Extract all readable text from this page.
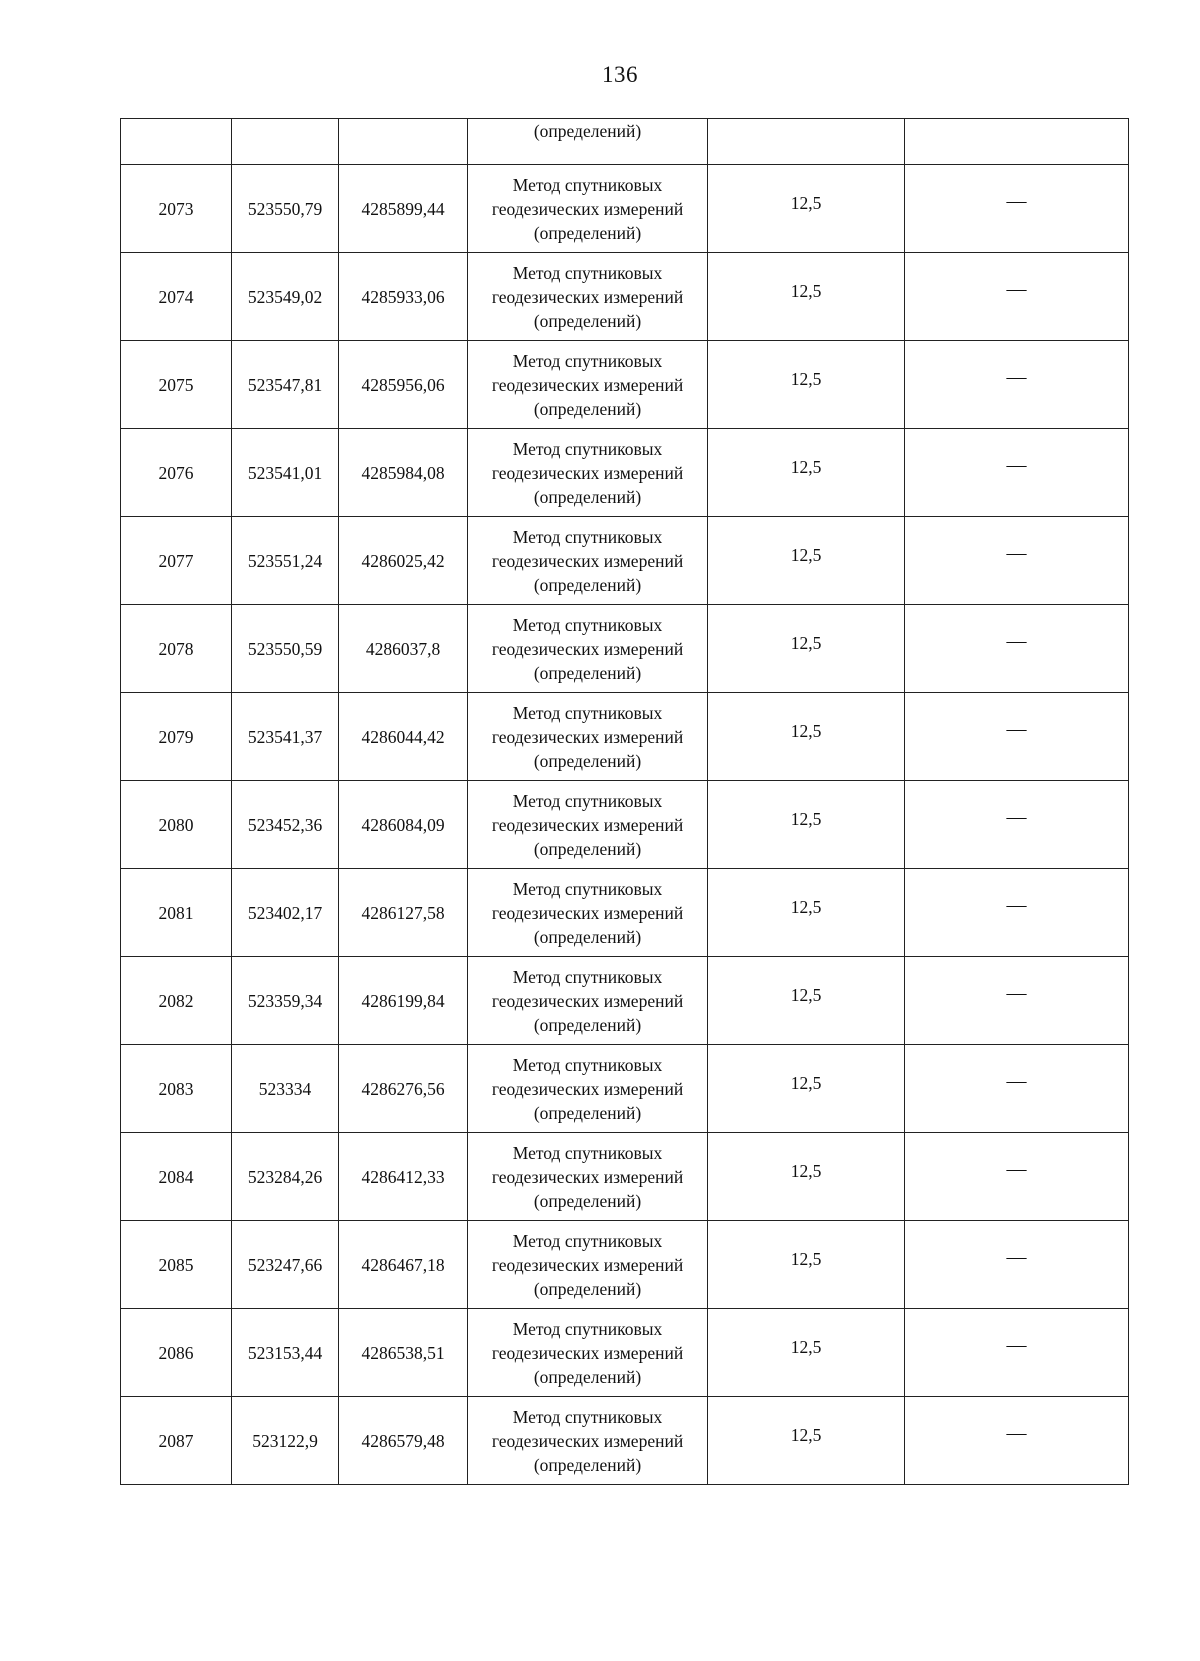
136
			(определений)		
2073	523550,79	4285899,44	Метод спутниковых геодезических измерений (определений)	12,5	—
2074	523549,02	4285933,06	Метод спутниковых геодезических измерений (определений)	12,5	—
2075	523547,81	4285956,06	Метод спутниковых геодезических измерений (определений)	12,5	—
2076	523541,01	4285984,08	Метод спутниковых геодезических измерений (определений)	12,5	—
2077	523551,24	4286025,42	Метод спутниковых геодезических измерений (определений)	12,5	—
2078	523550,59	4286037,8	Метод спутниковых геодезических измерений (определений)	12,5	—
2079	523541,37	4286044,42	Метод спутниковых геодезических измерений (определений)	12,5	—
2080	523452,36	4286084,09	Метод спутниковых геодезических измерений (определений)	12,5	—
2081	523402,17	4286127,58	Метод спутниковых геодезических измерений (определений)	12,5	—
2082	523359,34	4286199,84	Метод спутниковых геодезических измерений (определений)	12,5	—
2083	523334	4286276,56	Метод спутниковых геодезических измерений (определений)	12,5	—
2084	523284,26	4286412,33	Метод спутниковых геодезических измерений (определений)	12,5	—
2085	523247,66	4286467,18	Метод спутниковых геодезических измерений (определений)	12,5	—
2086	523153,44	4286538,51	Метод спутниковых геодезических измерений (определений)	12,5	—
2087	523122,9	4286579,48	Метод спутниковых геодезических измерений (определений)	12,5	—
